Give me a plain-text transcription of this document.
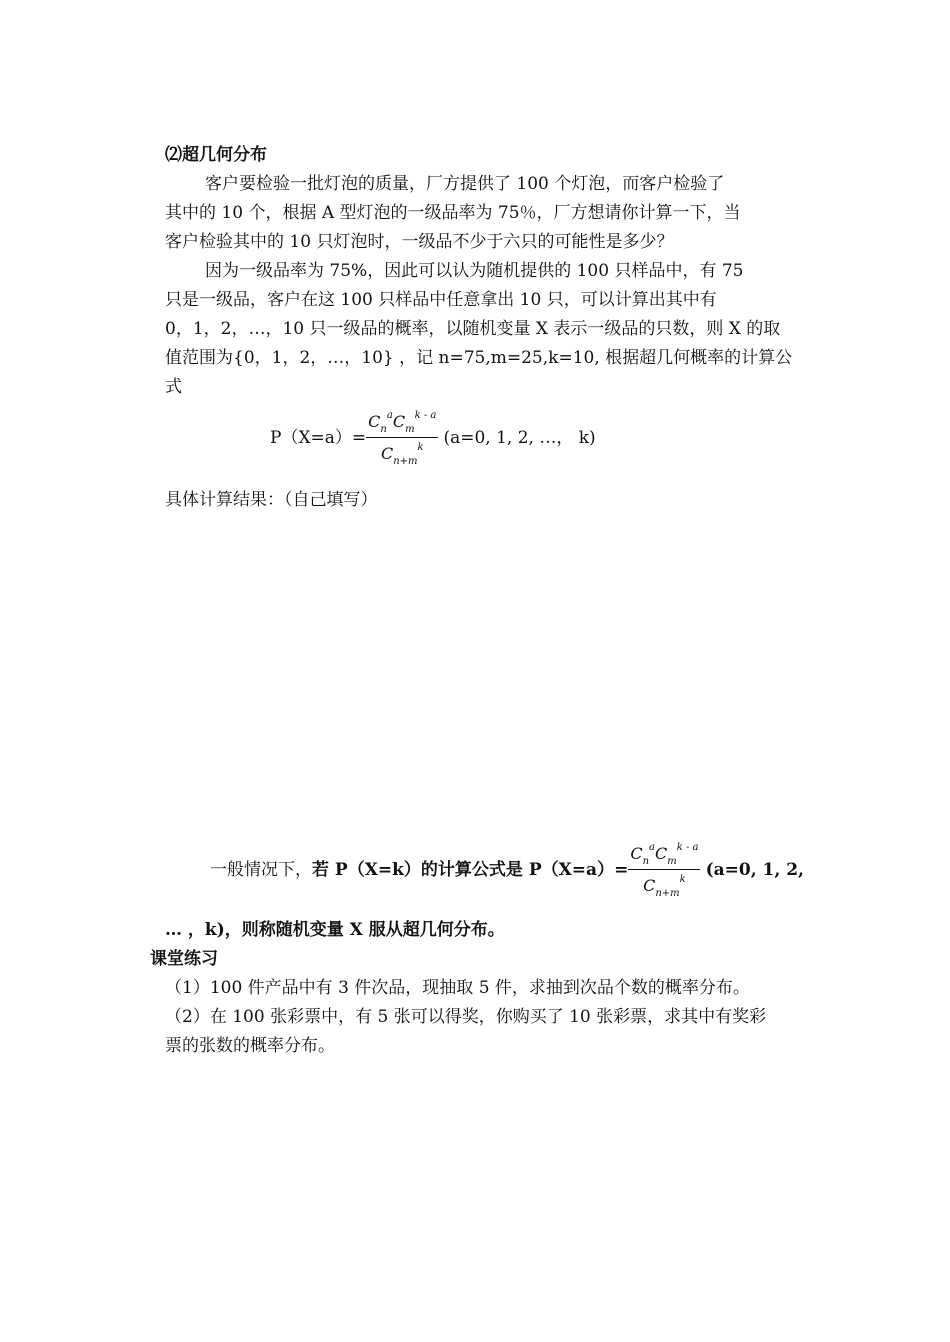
⑵超几何分布
客户要检验一批灯泡的质量，厂方提供了 100 个灯泡，而客户检验了
其中的 10 个，根据 A 型灯泡的一级品率为 75％，厂方想请你计算一下，当
客户检验其中的 10 只灯泡时，一级品不少于六只的可能性是多少？
因为一级品率为 75%，因此可以认为随机提供的 100 只样品中，有 75
只是一级品，客户在这 100 只样品中任意拿出 10 只，可以计算出其中有
0，1，2，…，10 只一级品的概率，以随机变量 X 表示一级品的只数，则 X 的取
值范围为{0，1，2，…，10} ，记 n=75,m=25,k=10, 根据超几何概率的计算公
式
$P(X=a)= \frac{C_n^aC_m^{k - a}}{C_{n+m}^k} (a=0$, 1, 2, …， k)
具体计算结果：（自己填写）
一般情况下，若 P（X=k）的计算公式是 $P(X=a)= \frac{C_n^aC_m^{k - a}}{C_{n+m}^k} (a=0$, 1, 2,
… ，k)，则称随机变量 X 服从超几何分布。
课堂练习
（1）100 件产品中有 3 件次品，现抽取 5 件，求抽到次品个数的概率分布。
（2）在 100 张彩票中，有 5 张可以得奖，你购买了 10 张彩票，求其中有奖彩
票的张数的概率分布。
